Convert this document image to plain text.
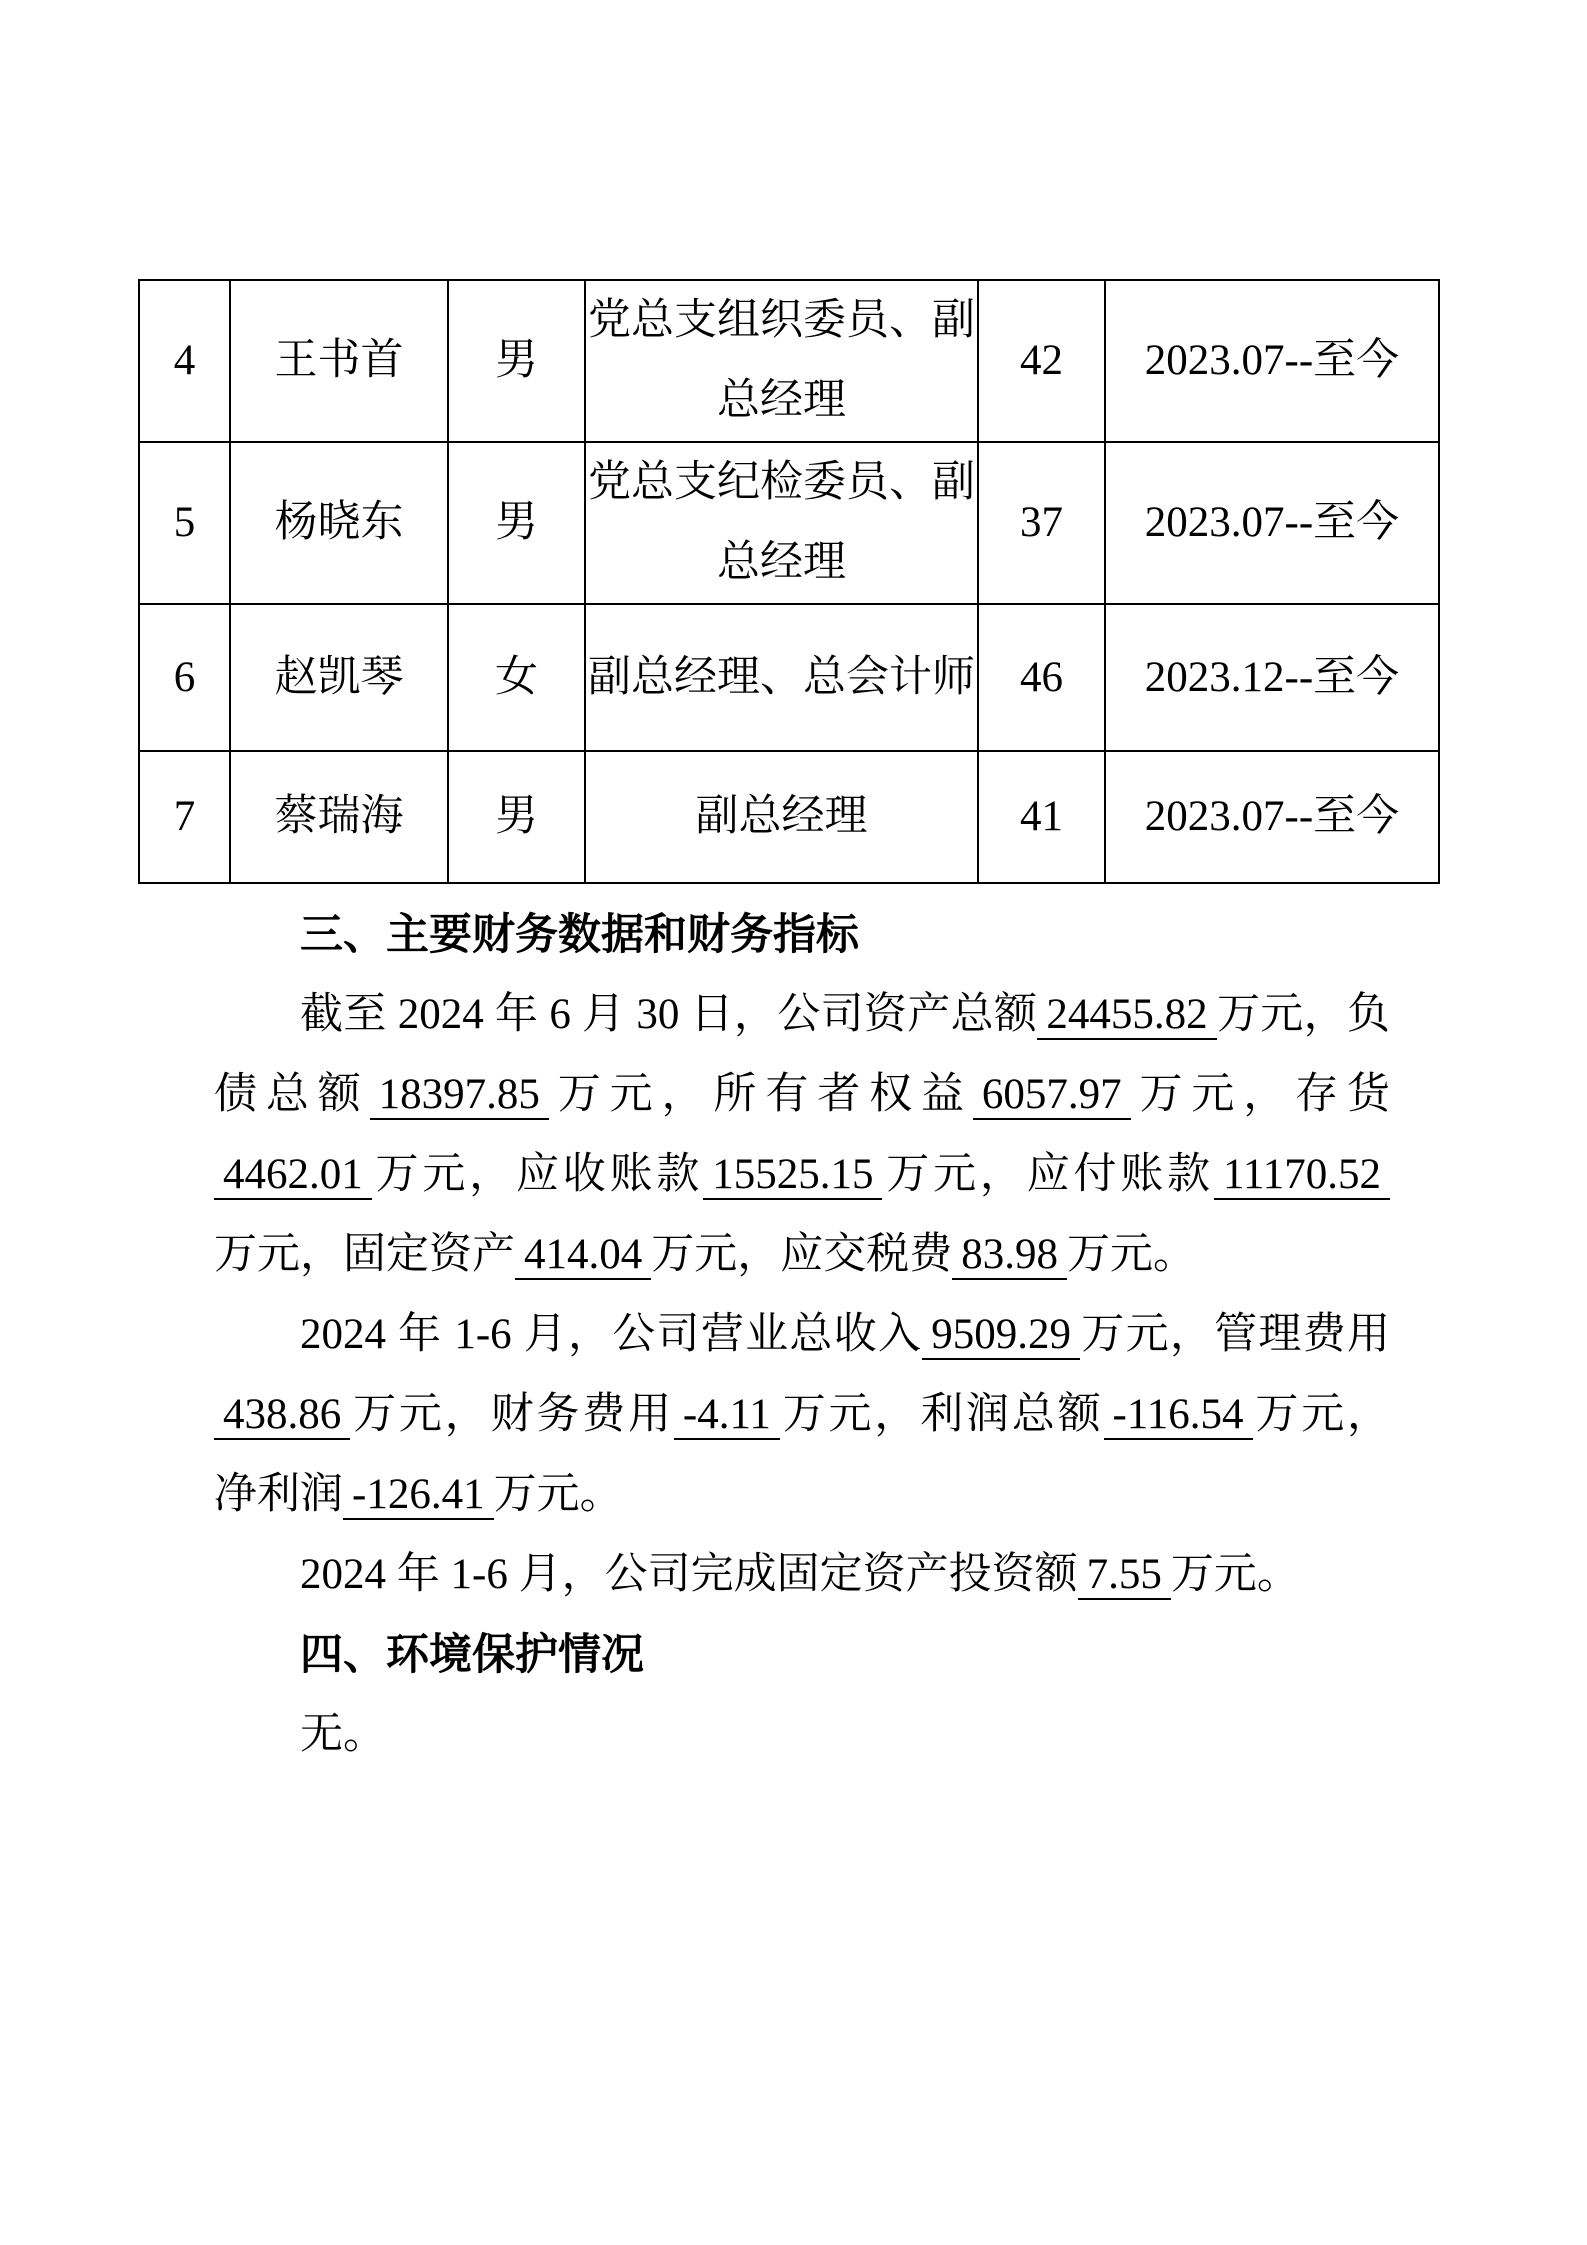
4	王书首	男	党总支组织委员、副总经理	42	2023.07--至今
5	杨晓东	男	党总支纪检委员、副总经理	37	2023.07--至今
6	赵凯琴	女	副总经理、总会计师	46	2023.12--至今
7	蔡瑞海	男	副总经理	41	2023.07--至今
三、主要财务数据和财务指标
截至 2024 年 6 月 30 日，公司资产总额 24455.82 万元，负
债总额 18397.85 万元，所有者权益 6057.97 万元，存货
4462.01 万元，应收账款 15525.15 万元，应付账款 11170.52
万元，固定资产 414.04 万元，应交税费 83.98 万元。
2024 年 1-6 月，公司营业总收入 9509.29 万元，管理费用
438.86 万元，财务费用 -4.11 万元，利润总额 -116.54 万元，
净利润 -126.41 万元。
2024 年 1-6 月，公司完成固定资产投资额 7.55 万元。
四、环境保护情况

无。
